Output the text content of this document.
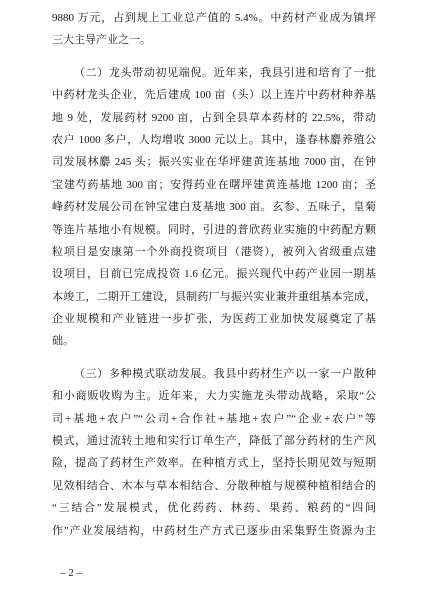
9880 万元，占到规上工业总产值的 5.4%。中药材产业成为镇坪
三大主导产业之一。
（二）龙头带动初见端倪。近年来，我县引进和培育了一批
中药材龙头企业，先后建成 100 亩（头）以上连片中药材种养基
地 9 处，发展药材 9200 亩，占到全县草本药材的 22.5%，带动
农户 1000 多户，人均增收 3000 元以上。其中，逢春林麝养殖公
司发展林麝 245 头；振兴实业在华坪建黄连基地 7000 亩，在钟
宝建芍药基地 300 亩；安得药业在曙坪建黄连基地 1200 亩；圣
峰药材发展公司在钟宝建白芨基地 300 亩。玄参、五味子，皇菊
等连片基地小有规模。同时，引进的普欣药业实施的中药配方颗
粒项目是安康第一个外商投资项目（港资），被列入省级重点建
设项目，目前已完成投资 1.6 亿元。振兴现代中药产业园一期基
本竣工，二期开工建设，县制药厂与振兴实业兼并重组基本完成，
企业规模和产业链进一步扩张，为医药工业加快发展奠定了基
础。
（三）多种模式联动发展。我县中药材生产以一家一户散种
和小商贩收购为主。近年来，大力实施龙头带动战略，采取“公
司+基地+农户”“公司+合作社+基地+农户”“企业+农户”等
模式，通过流转土地和实行订单生产，降低了部分药材的生产风
险，提高了药材生产效率。在种植方式上，坚持长期见效与短期
见效相结合、木本与草本相结合、分散种植与规模种植相结合的
“三结合”发展模式，优化药药、林药、果药、粮药的“四间
作”产业发展结构，中药材生产方式已逐步由采集野生资源为主
– 2 –
